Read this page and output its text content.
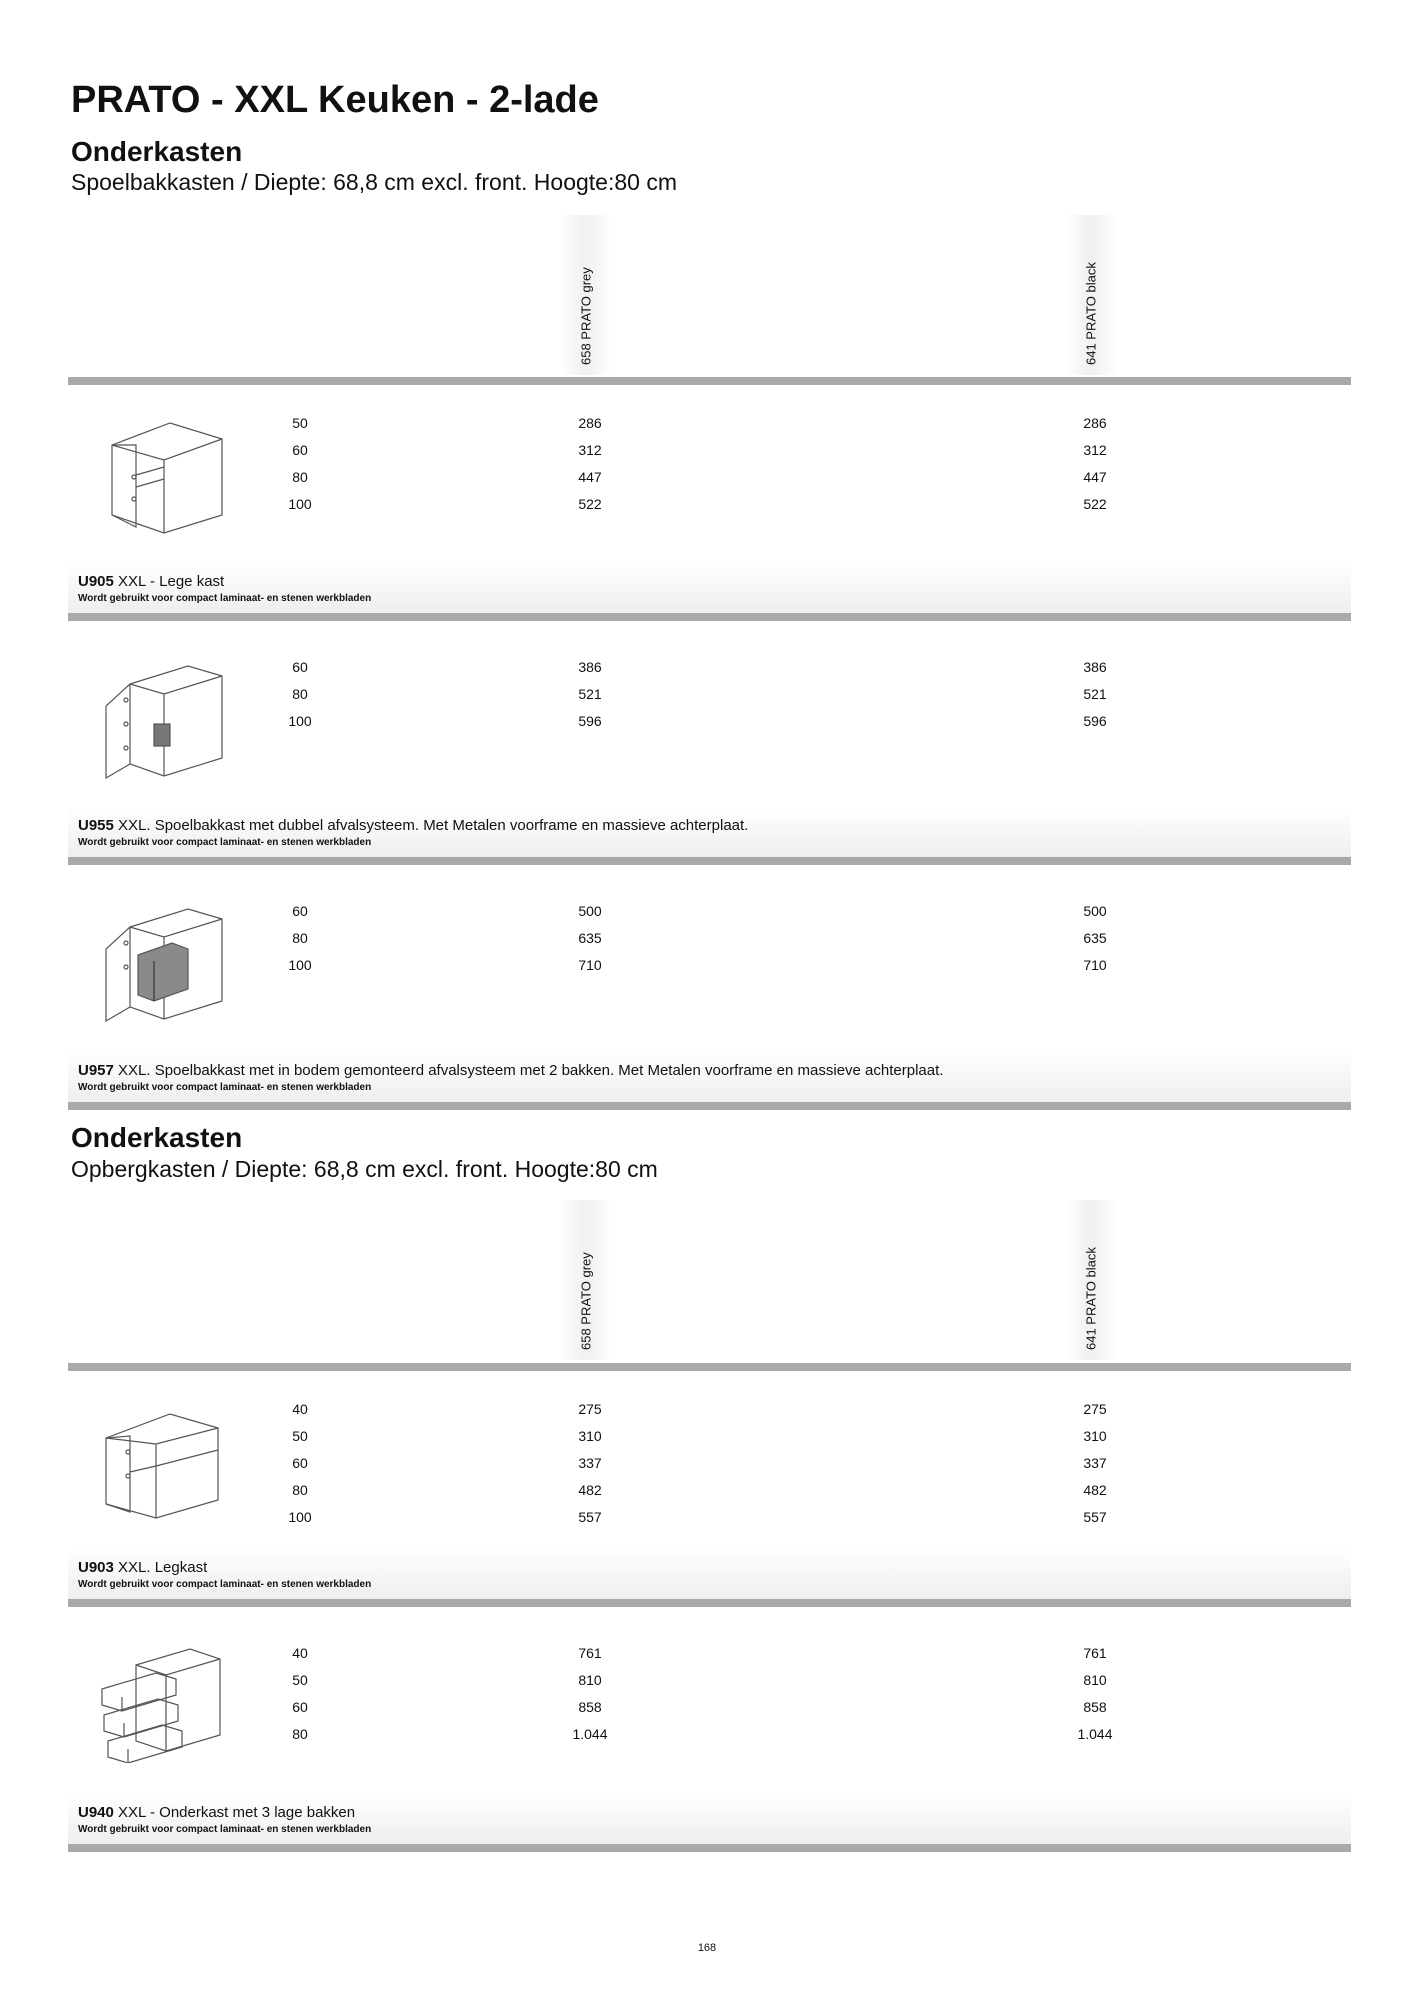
PRATO - XXL Keuken - 2-lade
Onderkasten

Spoelbakkasten / Diepte: 68,8 cm excl. front. Hoogte:80 cm

658 PRATO grey	641 PRATO black
50
60
80
100
286
312
447
522
286
312
447
522
U905 XXL - Lege kast
Wordt gebruikt voor compact laminaat- en stenen werkbladen
60
80
100
386
521
596
386
521
596
U955 XXL. Spoelbakkast met dubbel afvalsysteem. Met Metalen voorframe en massieve achterplaat.
Wordt gebruikt voor compact laminaat- en stenen werkbladen
60
80
100
500
635
710
500
635
710
U957 XXL. Spoelbakkast met in bodem gemonteerd afvalsysteem met 2 bakken. Met Metalen voorframe en massieve achterplaat.
Wordt gebruikt voor compact laminaat- en stenen werkbladen
Onderkasten

Opbergkasten / Diepte: 68,8 cm excl. front. Hoogte:80 cm

658 PRATO grey	641 PRATO black
40
50
60
80
100
275
310
337
482
557
275
310
337
482
557
U903 XXL. Legkast
Wordt gebruikt voor compact laminaat- en stenen werkbladen
40
50
60
80
761
810
858
1.044
761
810
858
1.044
U940 XXL - Onderkast met 3 lage bakken
Wordt gebruikt voor compact laminaat- en stenen werkbladen
168
